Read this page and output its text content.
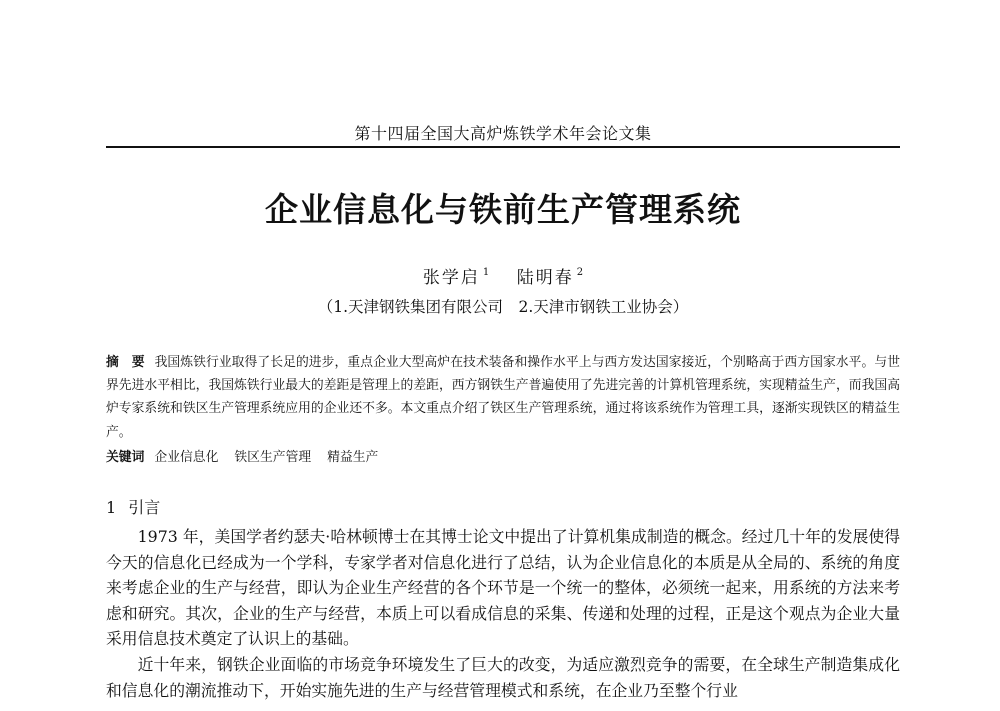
第十四届全国大高炉炼铁学术年会论文集
企业信息化与铁前生产管理系统
张学启 $^1$ 陆明春 $^2$
（1.天津钢铁集团有限公司　2.天津市钢铁工业协会）
摘　要 我国炼铁行业取得了长足的进步，重点企业大型高炉在技术装备和操作水平上与西方发达国家接近，个别略高于西方国家水平。与世界先进水平相比，我国炼铁行业最大的差距是管理上的差距，西方钢铁生产普遍使用了先进完善的计算机管理系统，实现精益生产，而我国高炉专家系统和铁区生产管理系统应用的企业还不多。本文重点介绍了铁区生产管理系统，通过将该系统作为管理工具，逐渐实现铁区的精益生产。
关键词 企业信息化 铁区生产管理 精益生产
1 引言

1973 年，美国学者约瑟夫·哈林顿博士在其博士论文中提出了计算机集成制造的概念。经过几十年的发展使得今天的信息化已经成为一个学科，专家学者对信息化进行了总结，认为企业信息化的本质是从全局的、系统的角度来考虑企业的生产与经营，即认为企业生产经营的各个环节是一个统一的整体，必须统一起来，用系统的方法来考虑和研究。其次，企业的生产与经营，本质上可以看成信息的采集、传递和处理的过程，正是这个观点为企业大量采用信息技术奠定了认识上的基础。

近十年来，钢铁企业面临的市场竞争环境发生了巨大的改变，为适应激烈竞争的需要，在全球生产制造集成化和信息化的潮流推动下，开始实施先进的生产与经营管理模式和系统，在企业乃至整个行业
